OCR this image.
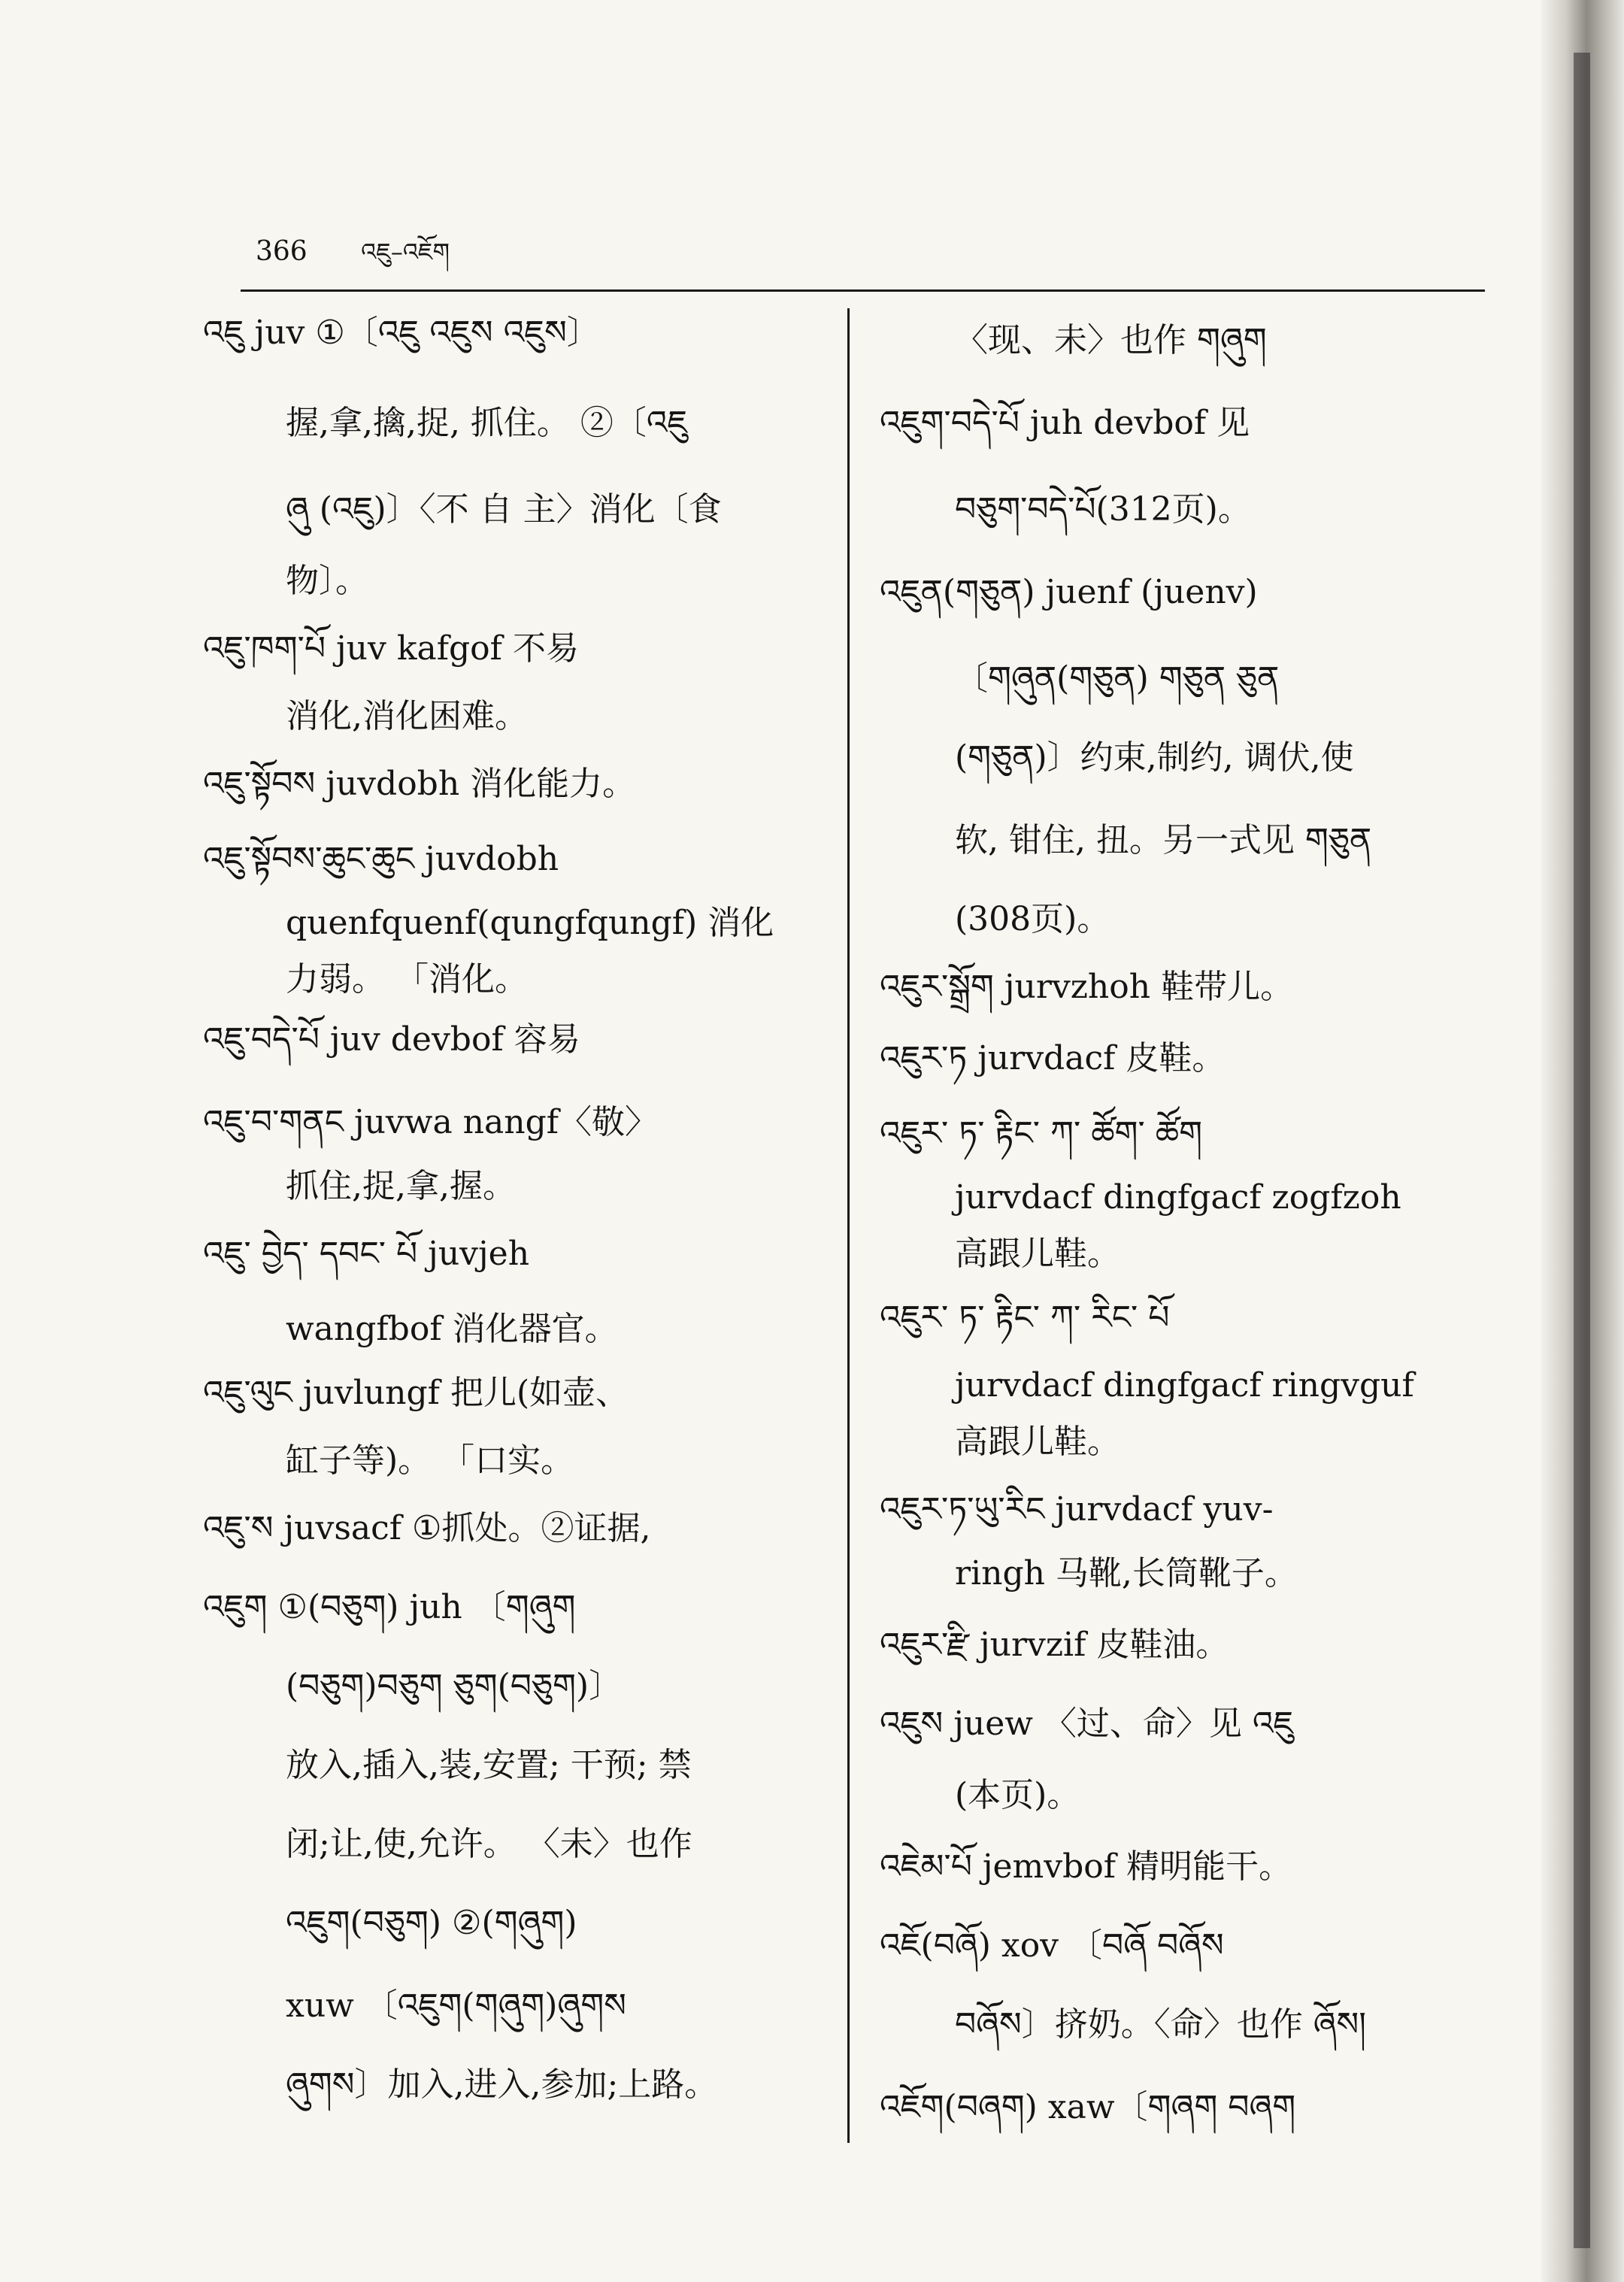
366 འཇུ–འཇོག
འཇུ juv ①〔འཇུ འཇུས འཇུས〕
握,拿,擒,捉, 抓住。 ②〔འཇུ
ཞུ (འཇུ)〕〈不 自 主〉消化〔食
物〕。
འཇུ་ཁག་པོ juv kafgof 不易
消化,消化困难。
འཇུ་སྟོབས juvdobh 消化能力。
འཇུ་སྟོབས་ཆུང་ཆུང juvdobh
quenfquenf(qungfqungf) 消化
力弱。 「消化。
འཇུ་བདེ་པོ juv devbof 容易
འཇུ་བ་གནང juvwa nangf〈敬〉
抓住,捉,拿,握。
འཇུ་ བྱེད་ དབང་ པོ juvjeh
wangfbof 消化器官。
འཇུ་ལུང juvlungf 把儿(如壶、
缸子等)。 「口实。
འཇུ་ས juvsacf ①抓处。②证据,
འཇུག ①(བཅུག) juh 〔གཞུག
(བཅུག)བཅུག ཅུག(བཅུག)〕
放入,插入,装,安置; 干预; 禁
闭;让,使,允许。 〈未〉也作
འཇུག(བཅུག) ②(གཞུག)
xuw 〔འཇུག(གཞུག)ཞུགས
ཞུགས〕加入,进入,参加;上路。
〈现、未〉也作 གཞུག
འཇུག་བདེ་པོ juh devbof 见
བཅུག་བདེ་པོ(312页)。
འཇུན(གཅུན) juenf (juenv)
〔གཞུན(གཅུན) གཅུན ཅུན
(གཅུན)〕约束,制约, 调伏,使
软, 钳住, 扭。另一式见 གཅུན
(308页)。
འཇུར་སྒྲོག jurvzhoh 鞋带儿。
འཇུར་ཏ jurvdacf 皮鞋。
འཇུར་ ཏ་ རྟིང་ ཀ་ ཚོག་ ཚོག
jurvdacf dingfgacf zogfzoh
高跟儿鞋。
འཇུར་ ཏ་ རྟིང་ ཀ་ རིང་ པོ
jurvdacf dingfgacf ringvguf
高跟儿鞋。
འཇུར་ཏ་ཡུ་རིང jurvdacf yuv-
ringh 马靴,长筒靴子。
འཇུར་རྫི jurvzif 皮鞋油。
འཇུས juew 〈过、命〉见 འཇུ
(本页)。
འཇེམ་པོ jemvbof 精明能干。
འཇོ(བཞོ) xov 〔བཞོ བཞོས
བཞོས〕挤奶。〈命〉也作 ཞོས།
འཇོག(བཞག) xaw〔གཞག བཞག
